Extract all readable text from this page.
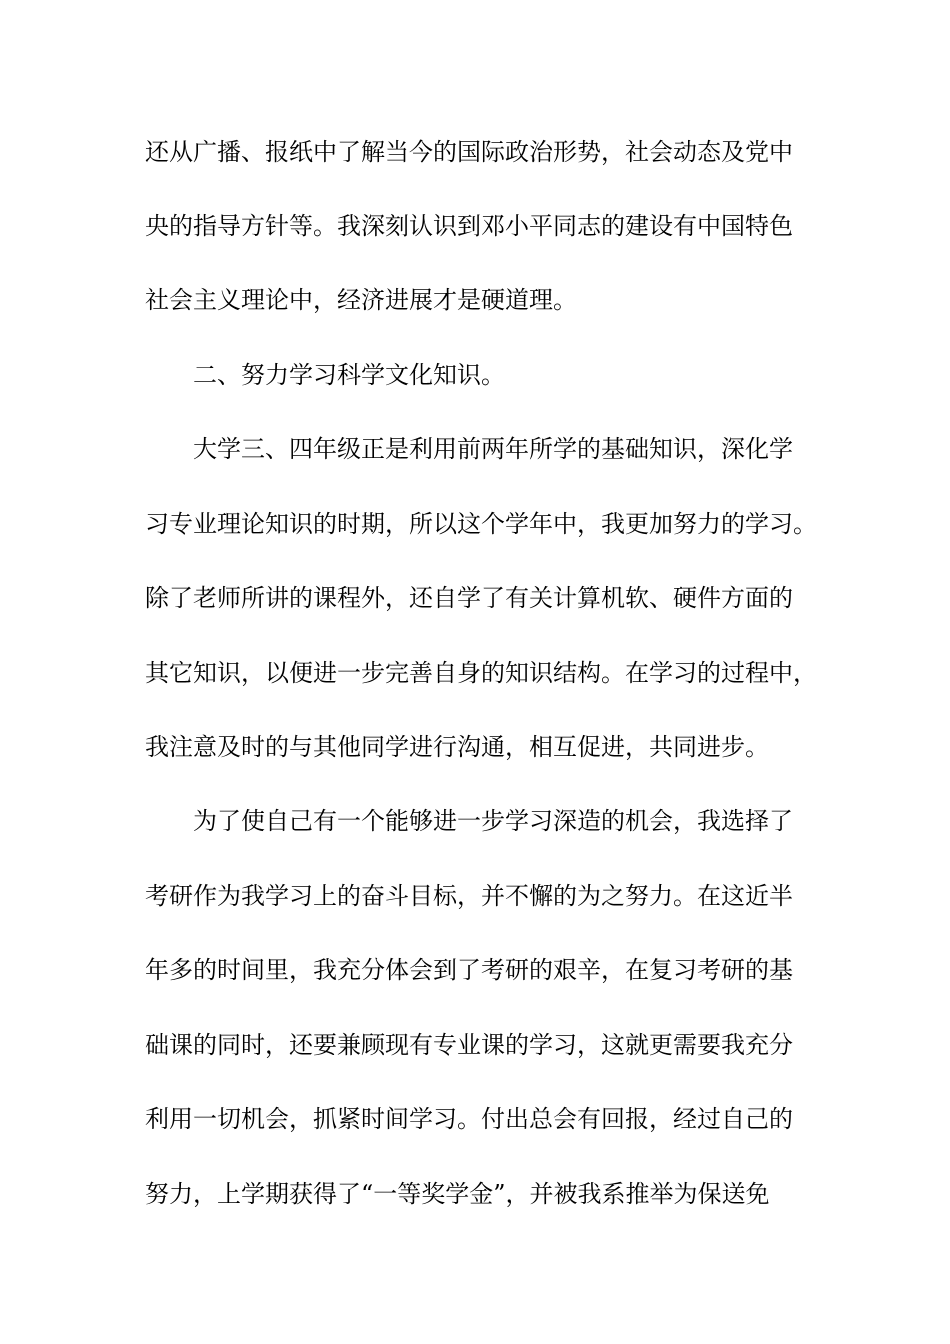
还从广播、报纸中了解当今的国际政治形势，社会动态及党中
央的指导方针等。我深刻认识到邓小平同志的建设有中国特色
社会主义理论中，经济进展才是硬道理。
二、努力学习科学文化知识。
大学三、四年级正是利用前两年所学的基础知识，深化学
习专业理论知识的时期，所以这个学年中，我更加努力的学习。
除了老师所讲的课程外，还自学了有关计算机软、硬件方面的
其它知识，以便进一步完善自身的知识结构。在学习的过程中，
我注意及时的与其他同学进行沟通，相互促进，共同进步。
为了使自己有一个能够进一步学习深造的机会，我选择了
考研作为我学习上的奋斗目标，并不懈的为之努力。在这近半
年多的时间里，我充分体会到了考研的艰辛，在复习考研的基
础课的同时，还要兼顾现有专业课的学习，这就更需要我充分
利用一切机会，抓紧时间学习。付出总会有回报，经过自己的
努力，上学期获得了“一等奖学金”，并被我系推举为保送免
